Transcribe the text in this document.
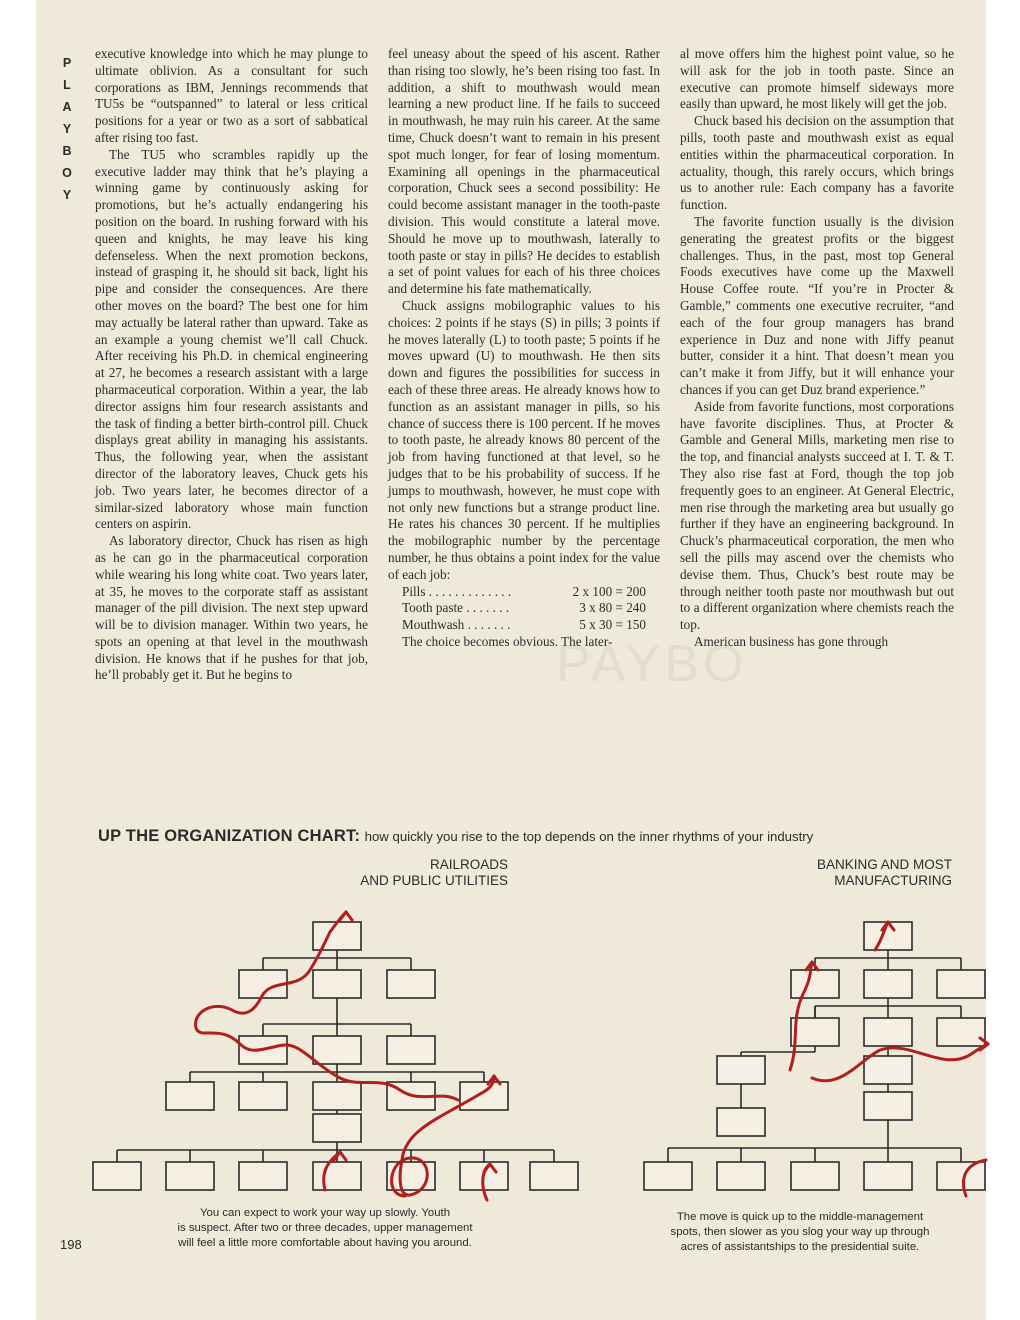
P
L
A
Y
B
O
Y

executive knowledge into which he may plunge to ultimate oblivion. As a consultant for such corporations as IBM, Jennings recommends that TU5s be “outspanned” to lateral or less critical positions for a year or two as a sort of sabbatical after rising too fast.

The TU5 who scrambles rapidly up the executive ladder may think that he’s playing a winning game by continuously asking for promotions, but he’s actually endangering his position on the board. In rushing forward with his queen and knights, he may leave his king defenseless. When the next promotion beckons, instead of grasping it, he should sit back, light his pipe and consider the consequences. Are there other moves on the board? The best one for him may actually be lateral rather than upward. Take as an example a young chemist we’ll call Chuck. After receiving his Ph.D. in chemical engineering at 27, he becomes a research assistant with a large pharmaceutical corporation. Within a year, the lab director assigns him four research assistants and the task of finding a better birth-control pill. Chuck displays great ability in managing his assistants. Thus, the following year, when the assistant director of the laboratory leaves, Chuck gets his job. Two years later, he becomes director of a similar-sized laboratory whose main function centers on aspirin.

As laboratory director, Chuck has risen as high as he can go in the pharmaceutical corporation while wearing his long white coat. Two years later, at 35, he moves to the corporate staff as assistant manager of the pill division. The next step upward will be to division manager. Within two years, he spots an opening at that level in the mouthwash division. He knows that if he pushes for that job, he’ll probably get it. But he begins to

feel uneasy about the speed of his ascent. Rather than rising too slowly, he’s been rising too fast. In addition, a shift to mouthwash would mean learning a new product line. If he fails to succeed in mouthwash, he may ruin his career. At the same time, Chuck doesn’t want to remain in his present spot much longer, for fear of losing momentum. Examining all openings in the pharmaceutical corporation, Chuck sees a second possibility: He could become assistant manager in the tooth-paste division. This would constitute a lateral move. Should he move up to mouthwash, laterally to tooth paste or stay in pills? He decides to establish a set of point values for each of his three choices and determine his fate mathematically.

Chuck assigns mobilographic values to his choices: 2 points if he stays (S) in pills; 3 points if he moves laterally (L) to tooth paste; 5 points if he moves upward (U) to mouthwash. He then sits down and figures the possibilities for success in each of these three areas. He already knows how to function as an assistant manager in pills, so his chance of success there is 100 percent. If he moves to tooth paste, he already knows 80 percent of the job from having functioned at that level, so he judges that to be his probability of success. If he jumps to mouthwash, however, he must cope with not only new functions but a strange product line. He rates his chances 30 percent. If he multiplies the mobilographic number by the percentage number, he thus obtains a point index for the value of each job:

Pills . . . . . . . . . . . . .	2 x 100 = 200
Tooth paste . . . . . . .	3 x 80 = 240
Mouthwash . . . . . . .	5 x 30 = 150

The choice becomes obvious. The later-

al move offers him the highest point value, so he will ask for the job in tooth paste. Since an executive can promote himself sideways more easily than upward, he most likely will get the job.

Chuck based his decision on the assumption that pills, tooth paste and mouthwash exist as equal entities within the pharmaceutical corporation. In actuality, though, this rarely occurs, which brings us to another rule: Each company has a favorite function.

The favorite function usually is the division generating the greatest profits or the biggest challenges. Thus, in the past, most top General Foods executives have come up the Maxwell House Coffee route. “If you’re in Procter & Gamble,” comments one executive recruiter, “and each of the four group managers has brand experience in Duz and none with Jiffy peanut butter, consider it a hint. That doesn’t mean you can’t make it from Jiffy, but it will enhance your chances if you can get Duz brand experience.”

Aside from favorite functions, most corporations have favorite disciplines. Thus, at Procter & Gamble and General Mills, marketing men rise to the top, and financial analysts succeed at I. T. & T. They also rise fast at Ford, though the top job frequently goes to an engineer. At General Electric, men rise through the marketing area but usually go further if they have an engineering background. In Chuck’s pharmaceutical corporation, the men who sell the pills may ascend over the chemists who devise them. Thus, Chuck’s best route may be through neither tooth paste nor mouthwash but out to a different organization where chemists reach the top.

American business has gone through

PAYBO
UP THE ORGANIZATION CHART: how quickly you rise to the top depends on the inner rhythms of your industry
RAILROADS
AND PUBLIC UTILITIES
BANKING AND MOST
MANUFACTURING
You can expect to work your way up slowly. Youth
is suspect. After two or three decades, upper management
will feel a little more comfortable about having you around.
The move is quick up to the middle-management
spots, then slower as you slog your way up through
acres of assistantships to the presidential suite.
198
